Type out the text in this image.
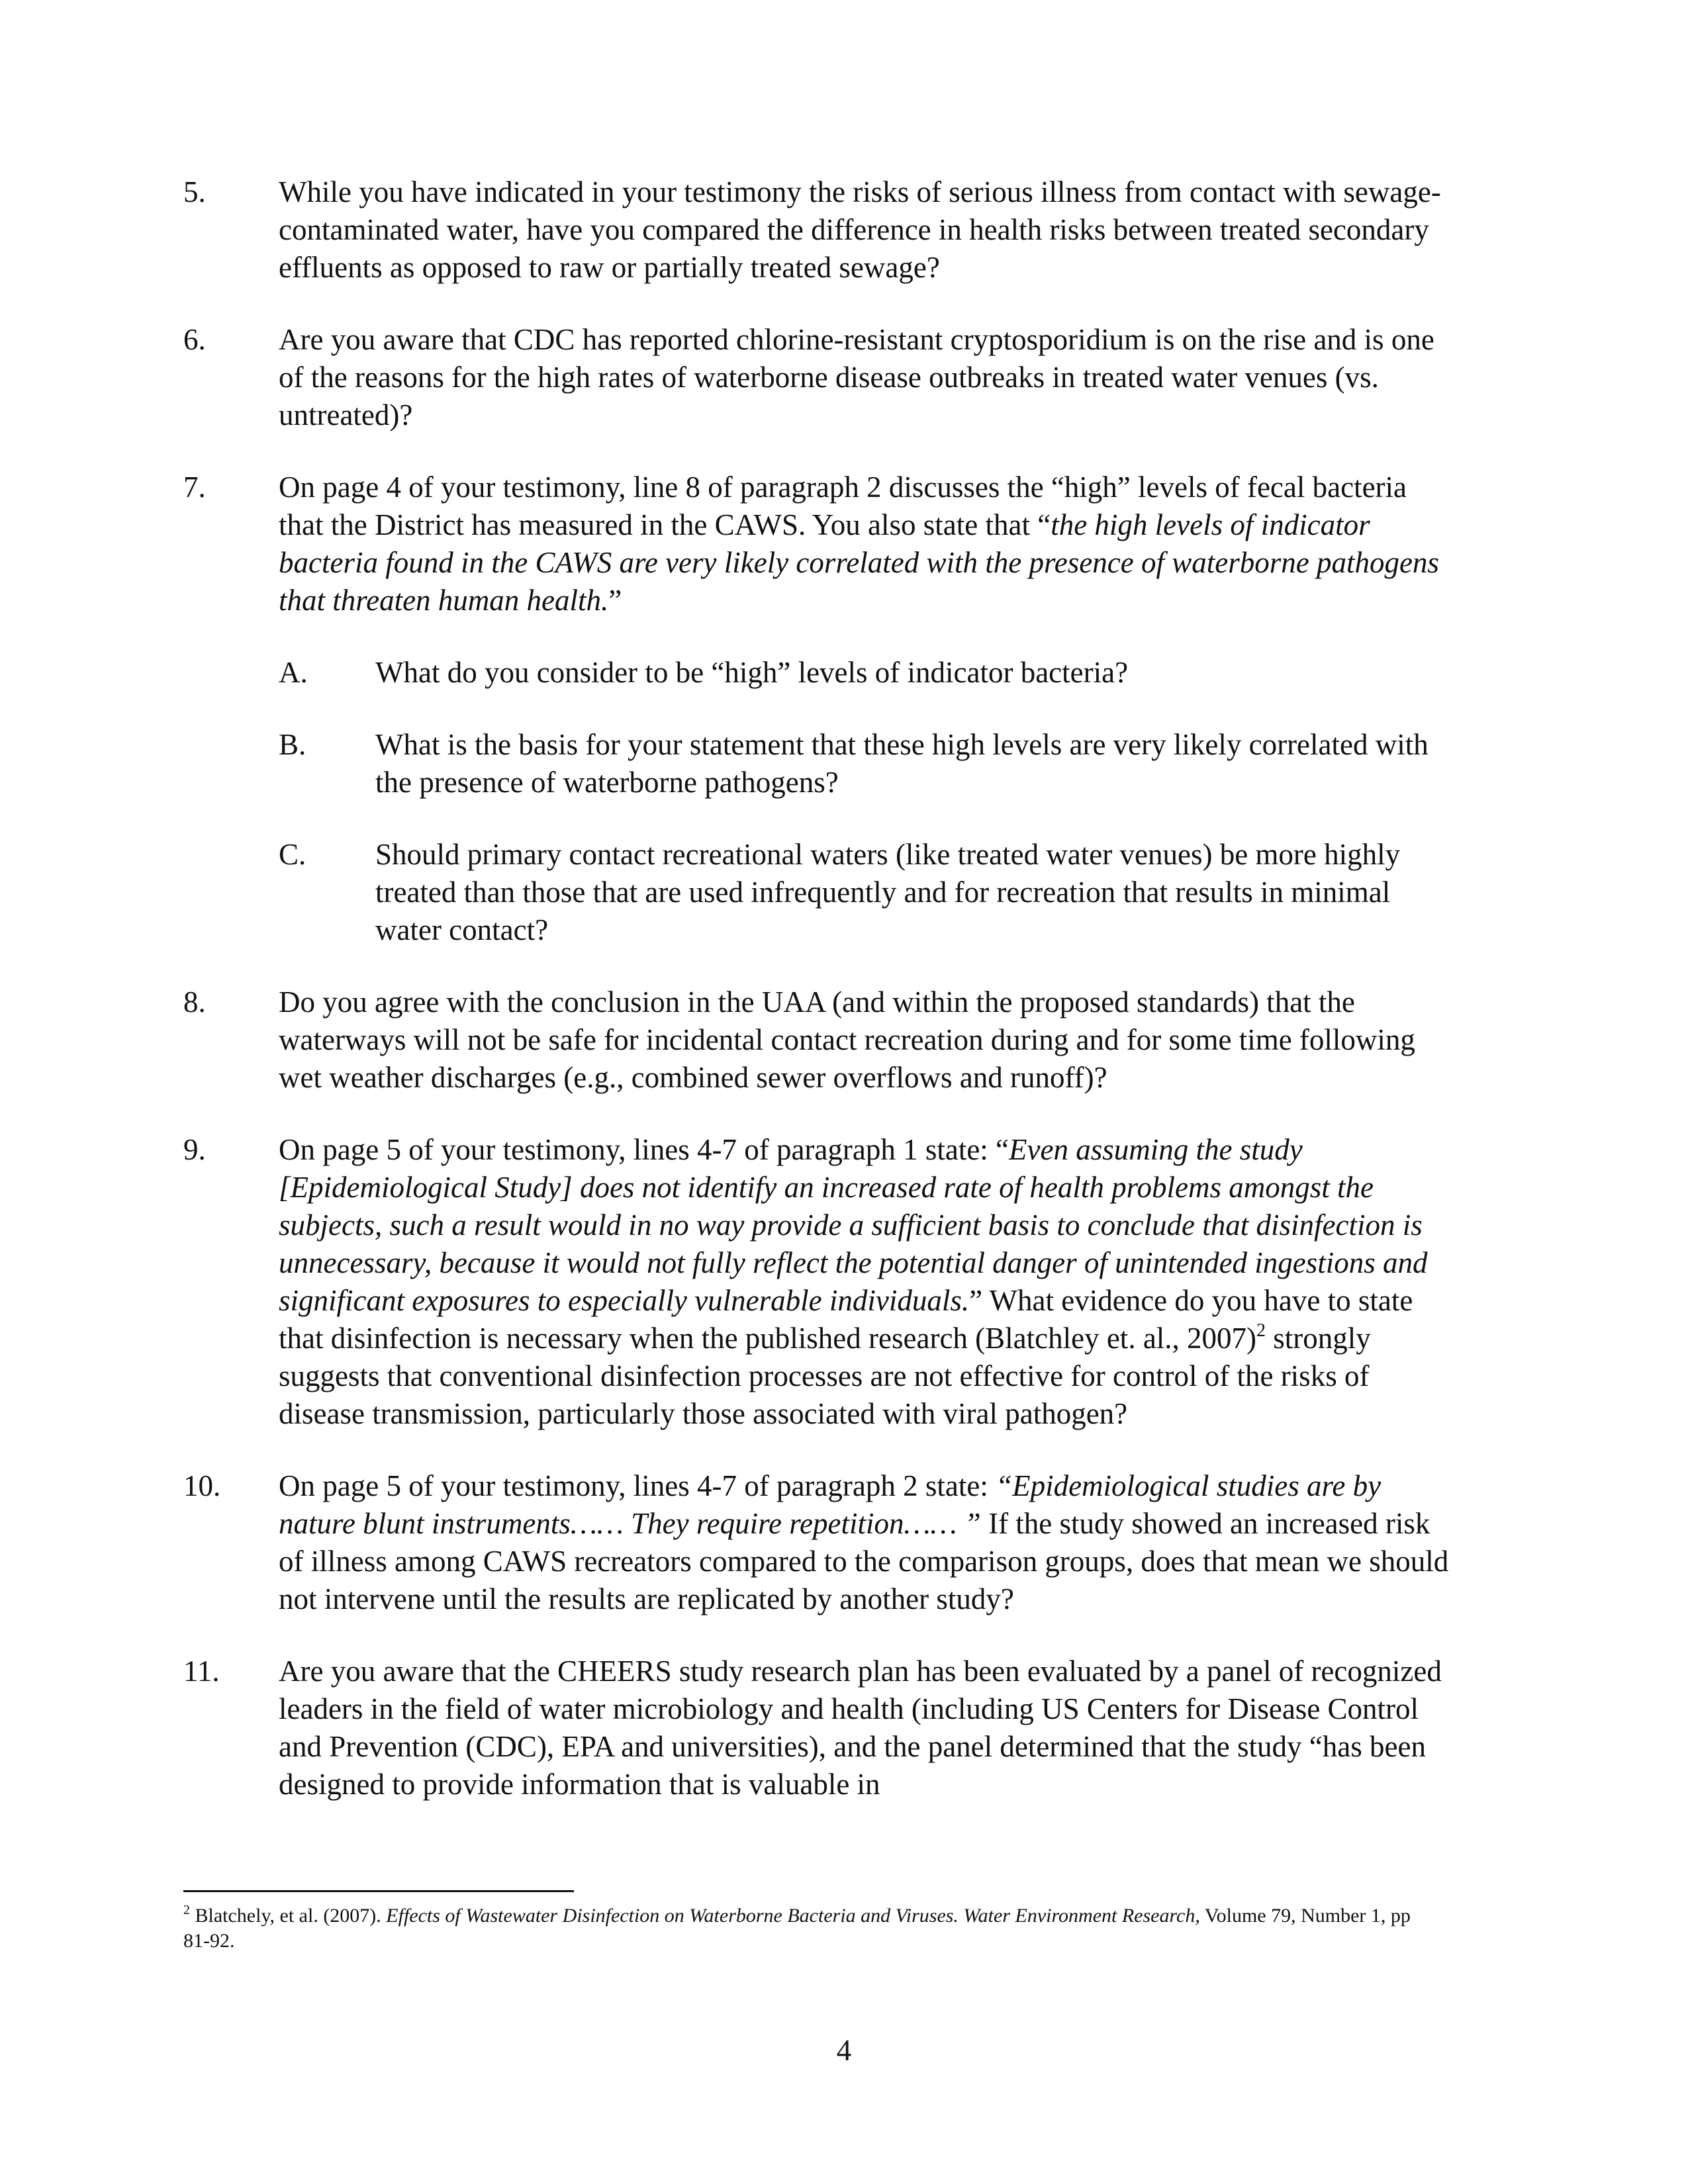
5. While you have indicated in your testimony the risks of serious illness from contact with sewage-contaminated water, have you compared the difference in health risks between treated secondary effluents as opposed to raw or partially treated sewage?
6. Are you aware that CDC has reported chlorine-resistant cryptosporidium is on the rise and is one of the reasons for the high rates of waterborne disease outbreaks in treated water venues (vs. untreated)?
7. On page 4 of your testimony, line 8 of paragraph 2 discusses the “high” levels of fecal bacteria that the District has measured in the CAWS. You also state that “the high levels of indicator bacteria found in the CAWS are very likely correlated with the presence of waterborne pathogens that threaten human health.”
A. What do you consider to be “high” levels of indicator bacteria?
B. What is the basis for your statement that these high levels are very likely correlated with the presence of waterborne pathogens?
C. Should primary contact recreational waters (like treated water venues) be more highly treated than those that are used infrequently and for recreation that results in minimal water contact?
8. Do you agree with the conclusion in the UAA (and within the proposed standards) that the waterways will not be safe for incidental contact recreation during and for some time following wet weather discharges (e.g., combined sewer overflows and runoff)?
9. On page 5 of your testimony, lines 4-7 of paragraph 1 state: “Even assuming the study [Epidemiological Study] does not identify an increased rate of health problems amongst the subjects, such a result would in no way provide a sufficient basis to conclude that disinfection is unnecessary, because it would not fully reflect the potential danger of unintended ingestions and significant exposures to especially vulnerable individuals.” What evidence do you have to state that disinfection is necessary when the published research (Blatchley et. al., 2007)$^2$ strongly suggests that conventional disinfection processes are not effective for control of the risks of disease transmission, particularly those associated with viral pathogen?
10. On page 5 of your testimony, lines 4-7 of paragraph 2 state: “Epidemiological studies are by nature blunt instruments…… They require repetition…… ” If the study showed an increased risk of illness among CAWS recreators compared to the comparison groups, does that mean we should not intervene until the results are replicated by another study?
11. Are you aware that the CHEERS study research plan has been evaluated by a panel of recognized leaders in the field of water microbiology and health (including US Centers for Disease Control and Prevention (CDC), EPA and universities), and the panel determined that the study “has been designed to provide information that is valuable in
$^2$ Blatchely, et al. (2007). Effects of Wastewater Disinfection on Waterborne Bacteria and Viruses. Water Environment Research, Volume 79, Number 1, pp 81-92.
4
